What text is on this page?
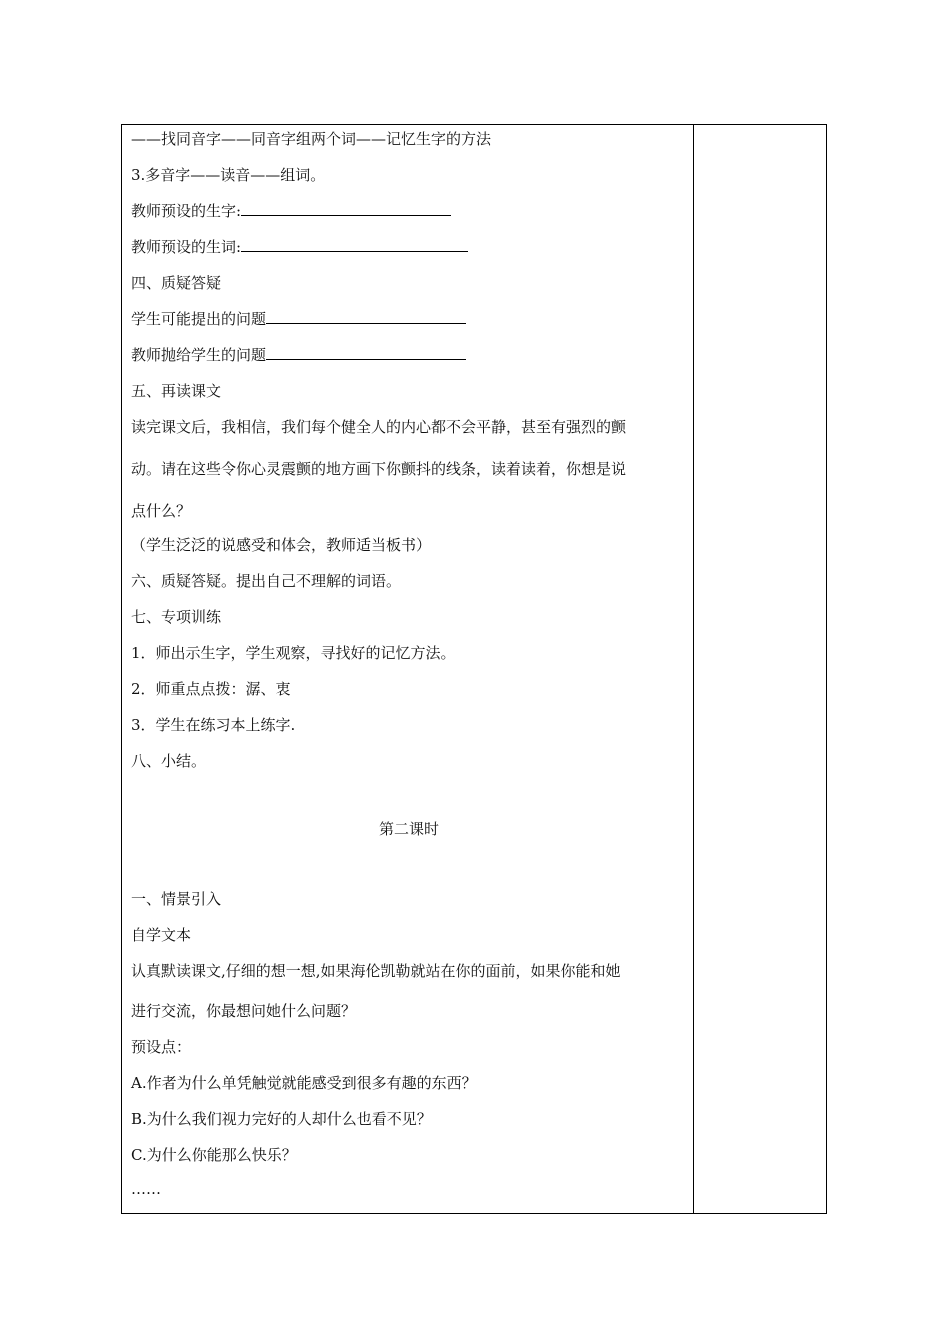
——找同音字——同音字组两个词——记忆生字的方法
3.多音字——读音——组词。
教师预设的生字:
教师预设的生词:
四、质疑答疑
学生可能提出的问题
教师抛给学生的问题
五、再读课文
读完课文后，我相信，我们每个健全人的内心都不会平静，甚至有强烈的颤
动。请在这些令你心灵震颤的地方画下你颤抖的线条，读着读着，你想是说
点什么？
（学生泛泛的说感受和体会，教师适当板书）
六、质疑答疑。提出自己不理解的词语。
七、专项训练
1．师出示生字，学生观察，寻找好的记忆方法。
2．师重点点拨：潺、衷
3．学生在练习本上练字.
八、小结。
第二课时
一、情景引入
自学文本
认真默读课文,仔细的想一想,如果海伦凯勒就站在你的面前，如果你能和她
进行交流，你最想问她什么问题？
预设点：
A.作者为什么单凭触觉就能感受到很多有趣的东西？
B.为什么我们视力完好的人却什么也看不见？
C.为什么你能那么快乐？
……
